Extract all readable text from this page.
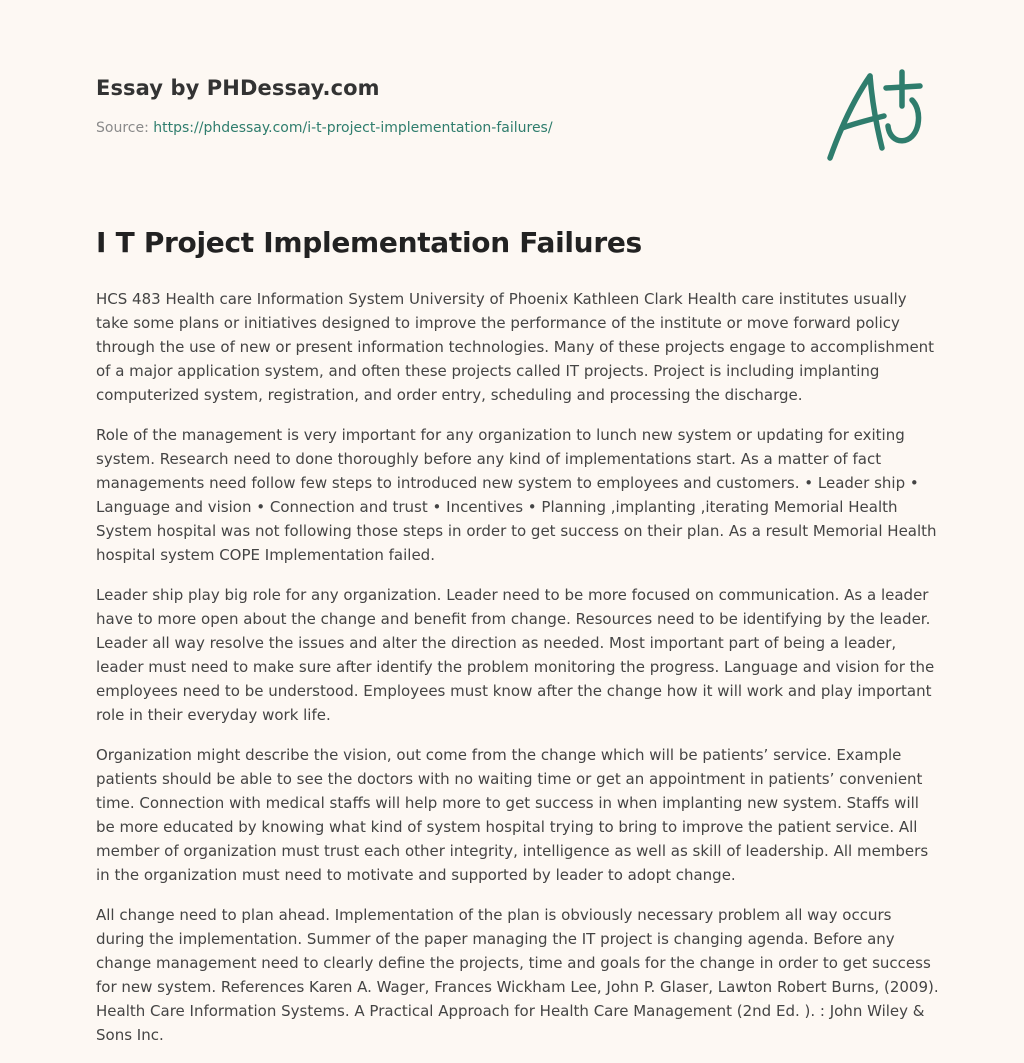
Essay by PHDessay.com
Source: https://phdessay.com/i-t-project-implementation-failures/
I T Project Implementation Failures

HCS 483 Health care Information System University of Phoenix Kathleen Clark Health care institutes usually take some plans or initiatives designed to improve the performance of the institute or move forward policy through the use of new or present information technologies. Many of these projects engage to accomplishment of a major application system, and often these projects called IT projects. Project is including implanting computerized system, registration, and order entry, scheduling and processing the discharge.

Role of the management is very important for any organization to lunch new system or updating for exiting system. Research need to done thoroughly before any kind of implementations start. As a matter of fact managements need follow few steps to introduced new system to employees and customers. • Leader ship • Language and vision • Connection and trust • Incentives • Planning ,implanting ,iterating Memorial Health System hospital was not following those steps in order to get success on their plan. As a result Memorial Health hospital system COPE Implementation failed.

Leader ship play big role for any organization. Leader need to be more focused on communication. As a leader have to more open about the change and benefit from change. Resources need to be identifying by the leader. Leader all way resolve the issues and alter the direction as needed. Most important part of being a leader, leader must need to make sure after identify the problem monitoring the progress. Language and vision for the employees need to be understood. Employees must know after the change how it will work and play important role in their everyday work life.

Organization might describe the vision, out come from the change which will be patients’ service. Example patients should be able to see the doctors with no waiting time or get an appointment in patients’ convenient time. Connection with medical staffs will help more to get success in when implanting new system. Staffs will be more educated by knowing what kind of system hospital trying to bring to improve the patient service. All member of organization must trust each other integrity, intelligence as well as skill of leadership. All members in the organization must need to motivate and supported by leader to adopt change.

All change need to plan ahead. Implementation of the plan is obviously necessary problem all way occurs during the implementation. Summer of the paper managing the IT project is changing agenda. Before any change management need to clearly define the projects, time and goals for the change in order to get success for new system. References Karen A. Wager, Frances Wickham Lee, John P. Glaser, Lawton Robert Burns, (2009). Health Care Information Systems. A Practical Approach for Health Care Management (2nd Ed. ). : John Wiley & Sons Inc.
